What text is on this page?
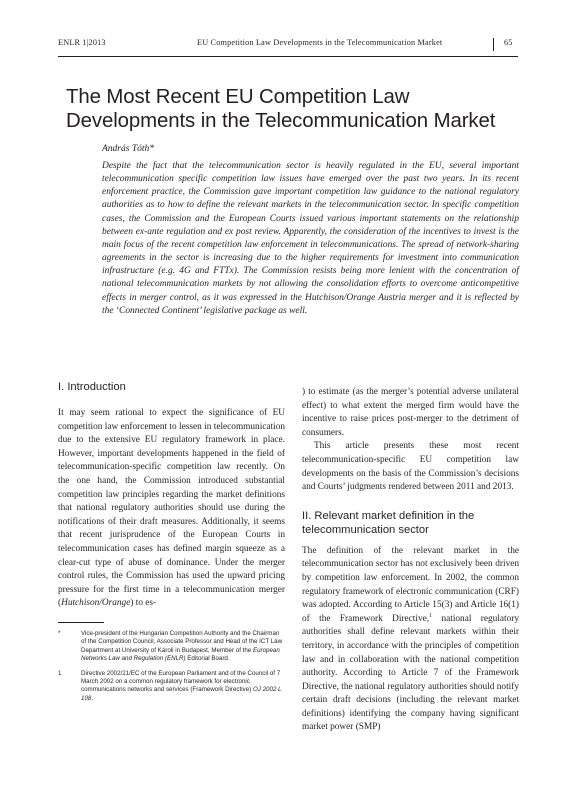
ENLR 1|2013	EU Competition Law Developments in the Telecommunication Market	65
The Most Recent EU Competition Law Developments in the Telecommunication Market
András Tóth*

Despite the fact that the telecommunication sector is heavily regulated in the EU, several important telecommunication specific competition law issues have emerged over the past two years. In its recent enforcement practice, the Commission gave important competition law guidance to the national regulatory authorities as to how to define the relevant markets in the telecommunication sector. In specific competition cases, the Commission and the European Courts issued various important statements on the relationship between ex-ante regulation and ex post review. Apparently, the consideration of the incentives to invest is the main focus of the recent competition law enforcement in telecommunications. The spread of network-sharing agreements in the sector is increasing due to the higher requirements for investment into communication infrastructure (e.g. 4G and FTTx). The Commission resists being more lenient with the concentration of national telecommunication markets by not allowing the consolidation efforts to overcome anticompetitive effects in merger control, as it was expressed in the Hutchison/Orange Austria merger and it is reflected by the ‘Connected Continent’ legislative package as well.

I. Introduction

It may seem rational to expect the significance of EU competition law enforcement to lessen in telecommunication due to the extensive EU regulatory framework in place. However, important developments happened in the field of telecommunication-specific competition law recently. On the one hand, the Commission introduced substantial competition law principles regarding the market definitions that national regulatory authorities should use during the notifications of their draft measures. Additionally, it seems that recent jurisprudence of the European Courts in telecommunication cases has defined margin squeeze as a clear-cut type of abuse of dominance. Under the merger control rules, the Commission has used the upward pricing pressure for the first time in a telecommunication merger (Hutchison/Orange) to es-

) to estimate (as the merger’s potential adverse unilateral effect) to what extent the merged firm would have the incentive to raise prices post-merger to the detriment of consumers.

This article presents these most recent telecommunication-specific EU competition law developments on the basis of the Commission’s decisions and Courts’ judgments rendered between 2011 and 2013.

II. Relevant market definition in the telecommunication sector

The definition of the relevant market in the telecommunication sector has not exclusively been driven by competition law enforcement. In 2002, the common regulatory framework of electronic communication (CRF) was adopted. According to Article 15(3) and Article 16(1) of the Framework Directive,$^1$ national regulatory authorities shall define relevant markets within their territory, in accordance with the principles of competition law and in collaboration with the national competition authority. According to Article 7 of the Framework Directive, the national regulatory authorities should notify certain draft decisions (including the relevant market definitions) identifying the company having significant market power (SMP)

*	Vice-president of the Hungarian Competition Authority and the Chairman of the Competition Council, Associate Professor and Head of the ICT Law Department at University of Károli in Budapest, Member of the European Networks Law and Regulation (ENLR) Editorial Board.

1	Directive 2002/21/EC of the European Parliament and of the Council of 7 March 2002 on a common regulatory framework for electronic communications networks and services (Framework Directive) OJ 2002 L 108.
